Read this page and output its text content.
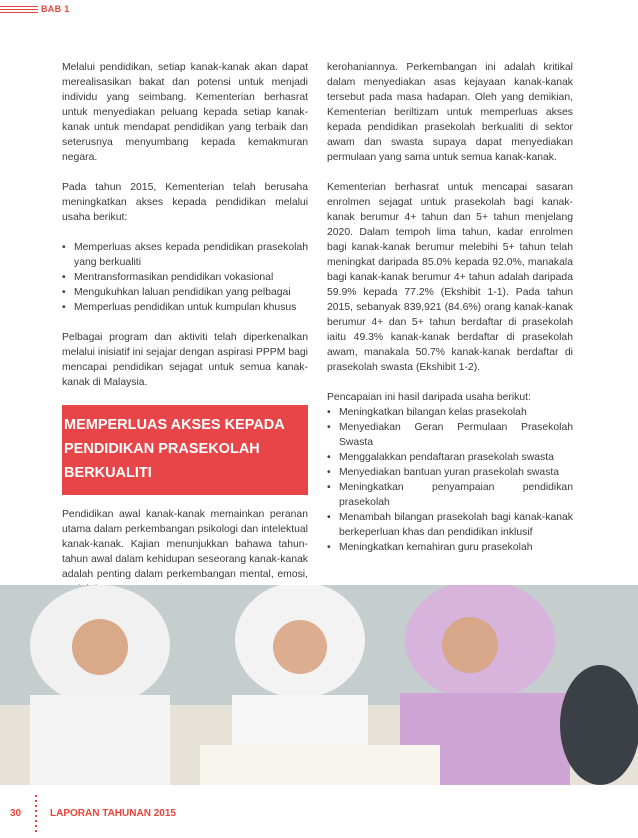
BAB 1

Melalui pendidikan, setiap kanak-kanak akan dapat merealisasikan bakat dan potensi untuk menjadi individu yang seimbang. Kementerian berhasrat untuk menyediakan peluang kepada setiap kanak-kanak untuk mendapat pendidikan yang terbaik dan seterusnya menyumbang kepada kemakmuran negara.

Pada tahun 2015, Kementerian telah berusaha meningkatkan akses kepada pendidikan melalui usaha berikut:

• Memperluas akses kepada pendidikan prasekolah yang berkualiti
• Mentransformasikan pendidikan vokasional
• Mengukuhkan laluan pendidikan yang pelbagai
• Memperluas pendidikan untuk kumpulan khusus

Pelbagai program dan aktiviti telah diperkenalkan melalui inisiatif ini sejajar dengan aspirasi PPPM bagi mencapai pendidikan sejagat untuk semua kanak-kanak di Malaysia.

MEMPERLUAS AKSES KEPADA PENDIDIKAN PRASEKOLAH BERKUALITI

Pendidikan awal kanak-kanak memainkan peranan utama dalam perkembangan psikologi dan intelektual kanak-kanak. Kajian menunjukkan bahawa tahun-tahun awal dalam kehidupan seseorang kanak-kanak adalah penting dalam perkembangan mental, emosi,

kerohaniannya. Perkembangan ini adalah kritikal dalam menyediakan asas kejayaan kanak-kanak tersebut pada masa hadapan. Oleh yang demikian, Kementerian beriltizam untuk memperluas akses kepada pendidikan prasekolah berkualiti di sektor awam dan swasta supaya dapat menyediakan permulaan yang sama untuk semua kanak-kanak.

Kementerian berhasrat untuk mencapai sasaran enrolmen sejagat untuk prasekolah bagi kanak-kanak berumur 4+ tahun dan 5+ tahun menjelang 2020. Dalam tempoh lima tahun, kadar enrolmen bagi kanak-kanak berumur melebihi 5+ tahun telah meningkat daripada 85.0% kepada 92.0%, manakala bagi kanak-kanak berumur 4+ tahun adalah daripada 59.9% kepada 77.2% (Ekshibit 1-1). Pada tahun 2015, sebanyak 839,921 (84.6%) orang kanak-kanak berumur 4+ dan 5+ tahun berdaftar di prasekolah iaitu 49.3% kanak-kanak berdaftar di prasekolah awam, manakala 50.7% kanak-kanak berdaftar di prasekolah swasta (Ekshibit 1-2).

Pencapaian ini hasil daripada usaha berikut:

• Meningkatkan bilangan kelas prasekolah
• Menyediakan Geran Permulaan Prasekolah Swasta
• Menggalakkan pendaftaran prasekolah swasta
• Menyediakan bantuan yuran prasekolah swasta
• Meningkatkan penyampaian pendidikan prasekolah
• Menambah bilangan prasekolah bagi kanak-kanak berkeperluan khas dan pendidikan inklusif
• Meningkatkan kemahiran guru prasekolah
30	LAPORAN TAHUNAN 2015
